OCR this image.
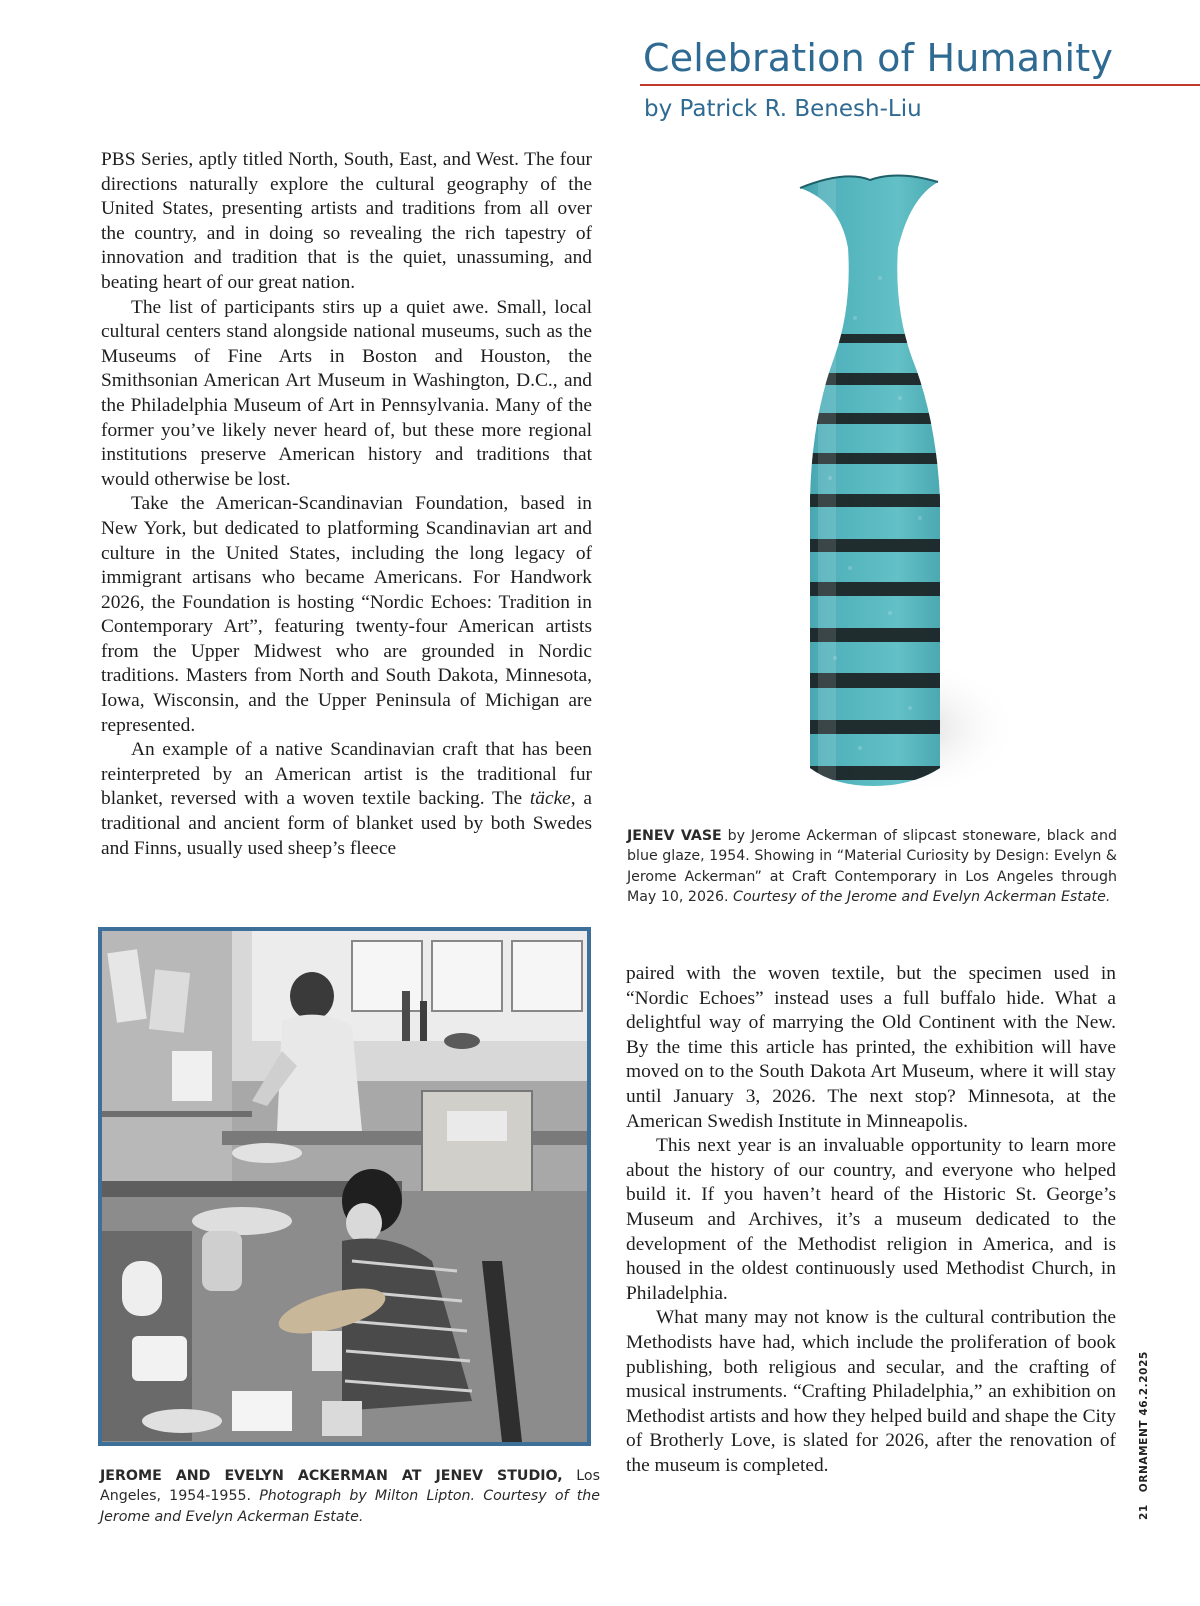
Celebration of Humanity

by Patrick R. Benesh-Liu

PBS Series, aptly titled North, South, East, and West. The four directions naturally explore the cultural geography of the United States, presenting artists and traditions from all over the country, and in doing so revealing the rich tapestry of innovation and tradition that is the quiet, unassuming, and beating heart of our great nation.

The list of participants stirs up a quiet awe. Small, local cultural centers stand alongside national museums, such as the Museums of Fine Arts in Boston and Houston, the Smithsonian American Art Museum in Washington, D.C., and the Philadelphia Museum of Art in Pennsylvania. Many of the former you’ve likely never heard of, but these more regional institutions preserve American history and traditions that would otherwise be lost.

Take the American-Scandinavian Foundation, based in New York, but dedicated to platforming Scandinavian art and culture in the United States, including the long legacy of immigrant artisans who became Americans. For Handwork 2026, the Foundation is hosting “Nordic Echoes: Tradition in Contemporary Art”, featuring twenty-four American artists from the Upper Midwest who are grounded in Nordic traditions. Masters from North and South Dakota, Minnesota, Iowa, Wisconsin, and the Upper Peninsula of Michigan are represented.

An example of a native Scandinavian craft that has been reinterpreted by an American artist is the traditional fur blanket, reversed with a woven textile backing. The täcke, a traditional and ancient form of blanket used by both Swedes and Finns, usually used sheep’s fleece

JENEV VASE by Jerome Ackerman of slipcast stoneware, black and blue glaze, 1954. Showing in “Material Curiosity by Design: Evelyn & Jerome Ackerman” at Craft Contemporary in Los Angeles through May 10, 2026. Courtesy of the Jerome and Evelyn Ackerman Estate.
JEROME AND EVELYN ACKERMAN AT JENEV STUDIO, Los Angeles, 1954-1955. Photograph by Milton Lipton. Courtesy of the Jerome and Evelyn Ackerman Estate.

paired with the woven textile, but the specimen used in “Nordic Echoes” instead uses a full buffalo hide. What a delightful way of marrying the Old Continent with the New. By the time this article has printed, the exhibition will have moved on to the South Dakota Art Museum, where it will stay until January 3, 2026. The next stop? Minnesota, at the American Swedish Institute in Minneapolis.

This next year is an invaluable opportunity to learn more about the history of our country, and everyone who helped build it. If you haven’t heard of the Historic St. George’s Museum and Archives, it’s a museum dedicated to the development of the Methodist religion in America, and is housed in the oldest continuously used Methodist Church, in Philadelphia.

What many may not know is the cultural contribution the Methodists have had, which include the proliferation of book publishing, both religious and secular, and the crafting of musical instruments. “Crafting Philadelphia,” an exhibition on Methodist artists and how they helped build and shape the City of Brotherly Love, is slated for 2026, after the renovation of the museum is completed.

21ORNAMENT 46.2.2025
